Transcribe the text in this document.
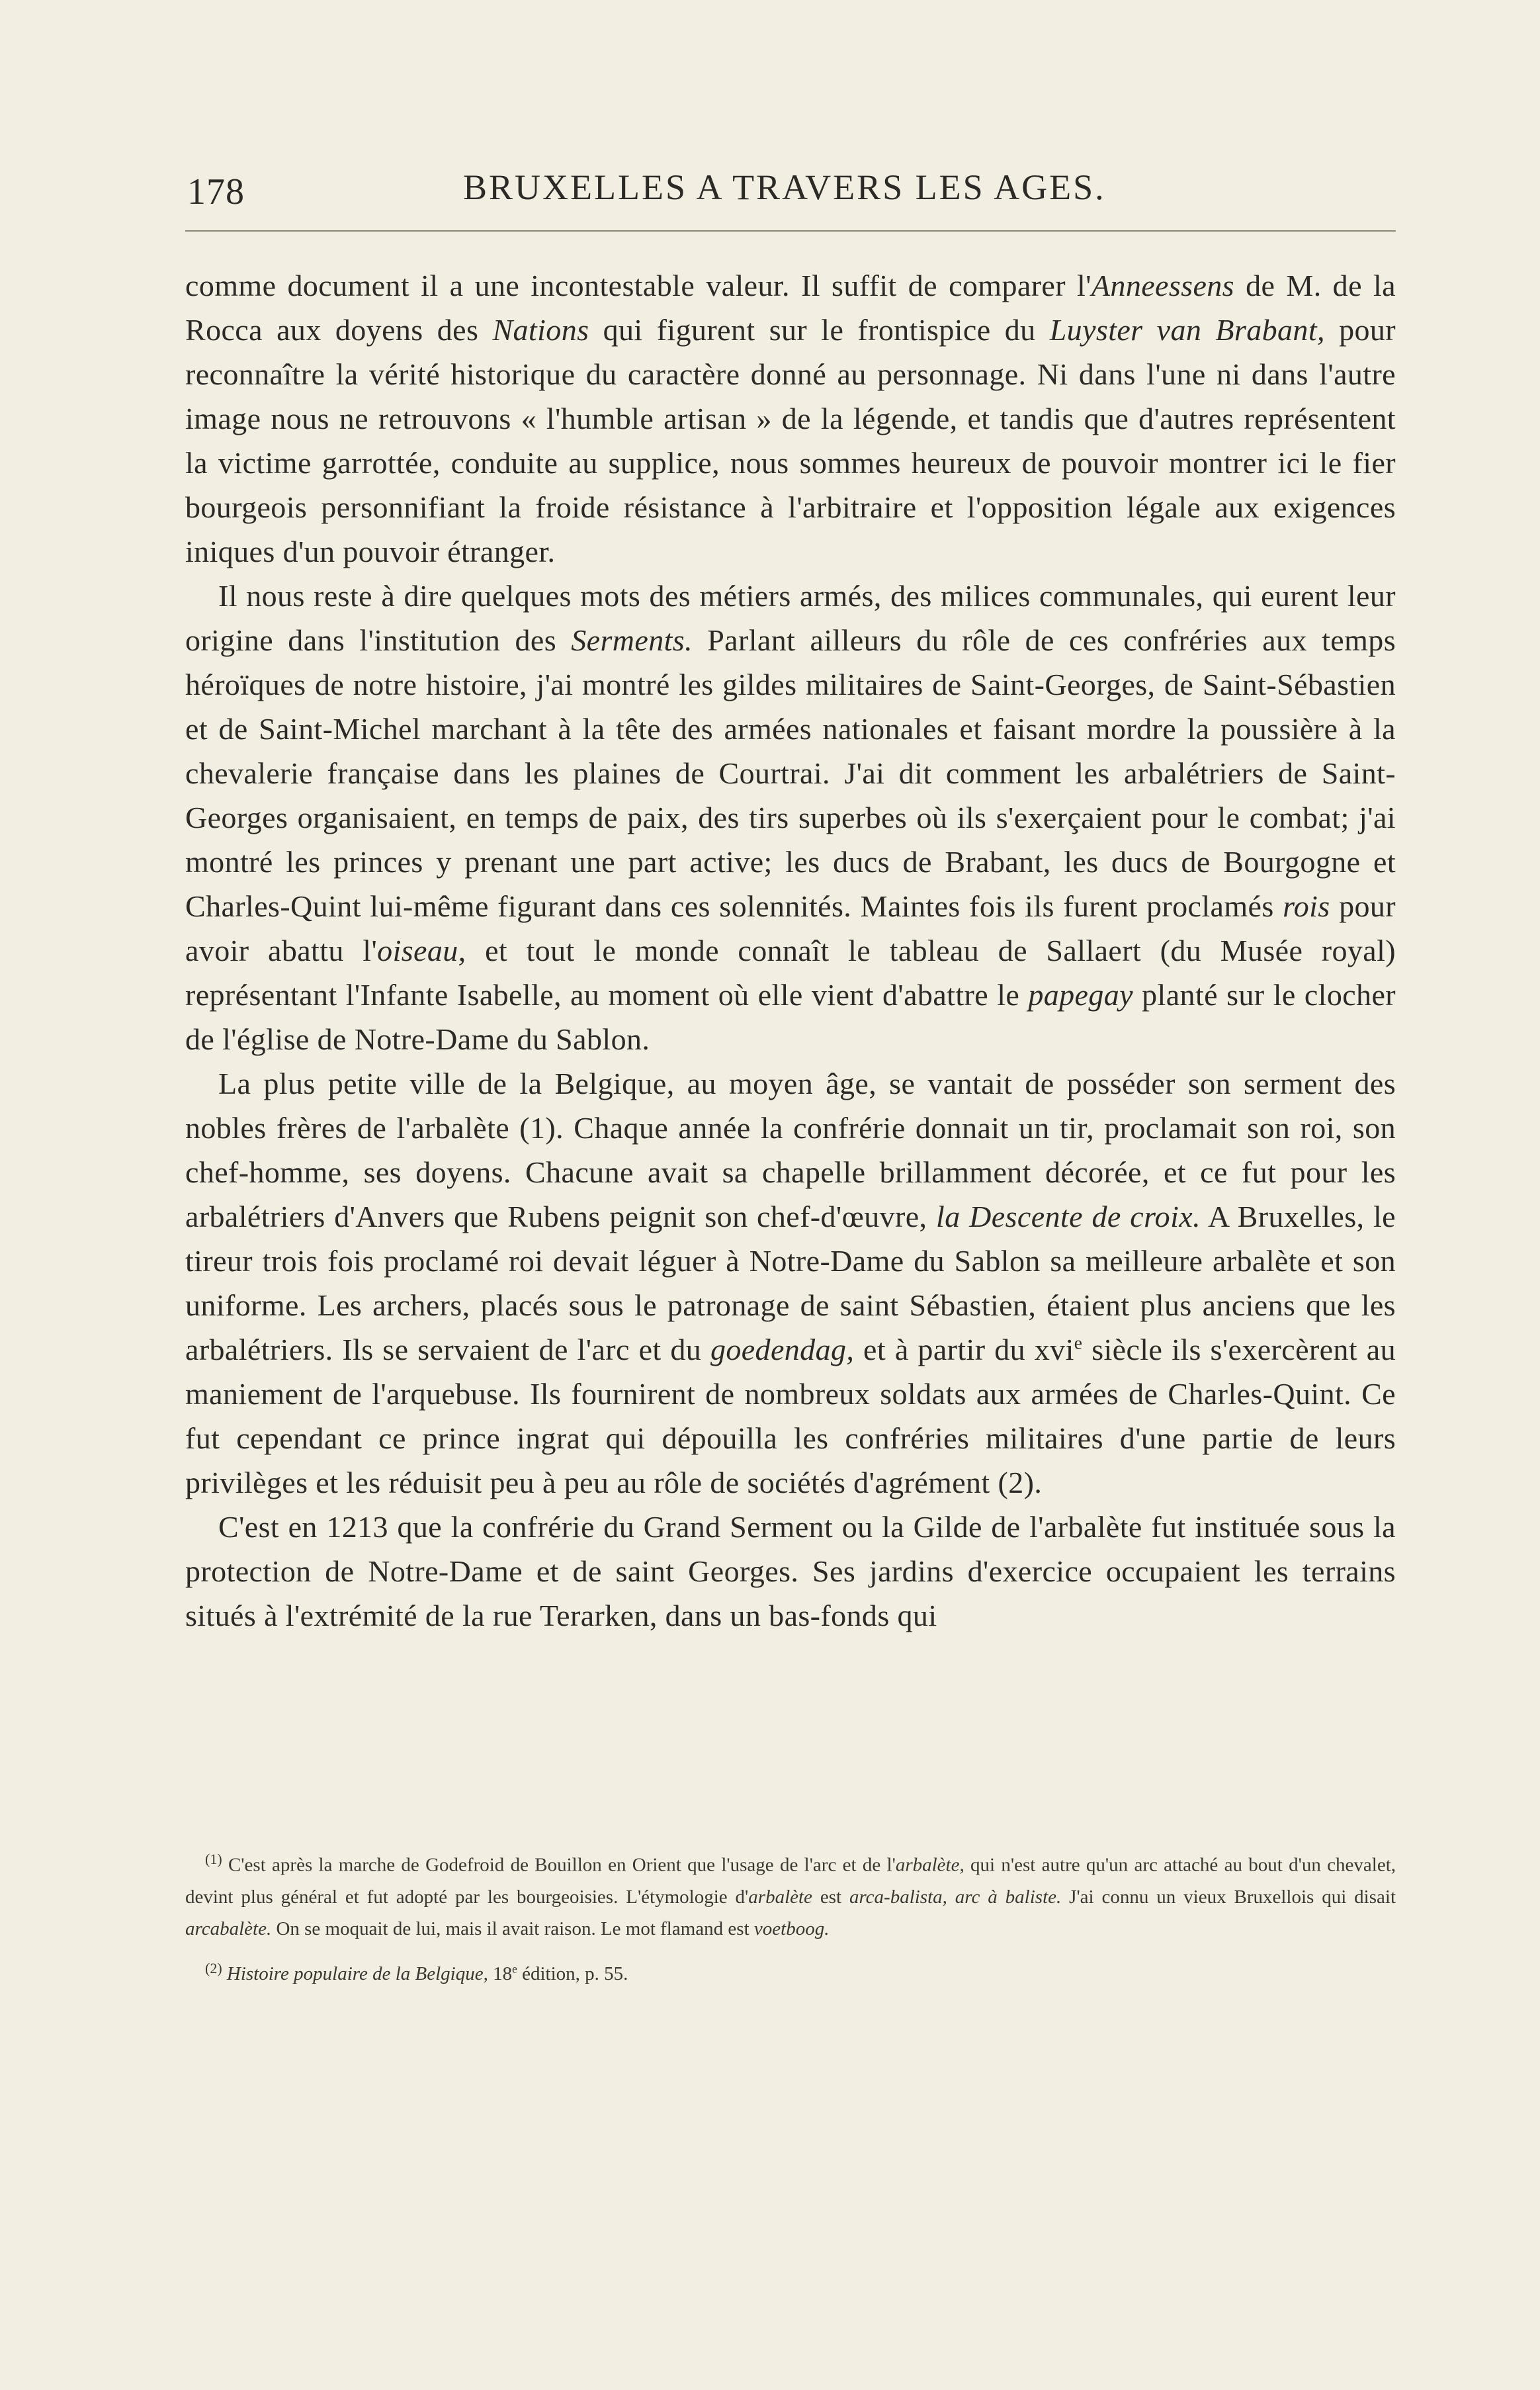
178	BRUXELLES A TRAVERS LES AGES.

comme document il a une incontestable valeur. Il suffit de comparer l'Anneessens de M. de la Rocca aux doyens des Nations qui figurent sur le frontispice du Luyster van Brabant, pour reconnaître la vérité historique du caractère donné au personnage. Ni dans l'une ni dans l'autre image nous ne retrouvons « l'humble artisan » de la légende, et tandis que d'autres représentent la victime garrottée, conduite au supplice, nous sommes heureux de pouvoir montrer ici le fier bourgeois personnifiant la froide résistance à l'arbitraire et l'opposition légale aux exigences iniques d'un pouvoir étranger.

Il nous reste à dire quelques mots des métiers armés, des milices communales, qui eurent leur origine dans l'institution des Serments. Parlant ailleurs du rôle de ces confréries aux temps héroïques de notre histoire, j'ai montré les gildes militaires de Saint-Georges, de Saint-Sébastien et de Saint-Michel marchant à la tête des armées nationales et faisant mordre la poussière à la chevalerie française dans les plaines de Courtrai. J'ai dit comment les arbalétriers de Saint-Georges organisaient, en temps de paix, des tirs superbes où ils s'exerçaient pour le combat; j'ai montré les princes y prenant une part active; les ducs de Brabant, les ducs de Bourgogne et Charles-Quint lui-même figurant dans ces solennités. Maintes fois ils furent proclamés rois pour avoir abattu l'oiseau, et tout le monde connaît le tableau de Sallaert (du Musée royal) représentant l'Infante Isabelle, au moment où elle vient d'abattre le papegay planté sur le clocher de l'église de Notre-Dame du Sablon.

La plus petite ville de la Belgique, au moyen âge, se vantait de posséder son serment des nobles frères de l'arbalète (1). Chaque année la confrérie donnait un tir, proclamait son roi, son chef-homme, ses doyens. Chacune avait sa chapelle brillamment décorée, et ce fut pour les arbalétriers d'Anvers que Rubens peignit son chef-d'œuvre, la Descente de croix. A Bruxelles, le tireur trois fois proclamé roi devait léguer à Notre-Dame du Sablon sa meilleure arbalète et son uniforme. Les archers, placés sous le patronage de saint Sébastien, étaient plus anciens que les arbalétriers. Ils se servaient de l'arc et du goedendag, et à partir du xvi$^e$ siècle ils s'exercèrent au maniement de l'arquebuse. Ils fournirent de nombreux soldats aux armées de Charles-Quint. Ce fut cependant ce prince ingrat qui dépouilla les confréries militaires d'une partie de leurs privilèges et les réduisit peu à peu au rôle de sociétés d'agrément (2).

C'est en 1213 que la confrérie du Grand Serment ou la Gilde de l'arbalète fut instituée sous la protection de Notre-Dame et de saint Georges. Ses jardins d'exercice occupaient les terrains situés à l'extrémité de la rue Terarken, dans un bas-fonds qui

$^{(1)}$ C'est après la marche de Godefroid de Bouillon en Orient que l'usage de l'arc et de l'arbalète, qui n'est autre qu'un arc attaché au bout d'un chevalet, devint plus général et fut adopté par les bourgeoisies. L'étymologie d'arbalète est arca-balista, arc à baliste. J'ai connu un vieux Bruxellois qui disait arcabalète. On se moquait de lui, mais il avait raison. Le mot flamand est voetboog.

$^{(2)}$ Histoire populaire de la Belgique, 18e édition, p. 55.
